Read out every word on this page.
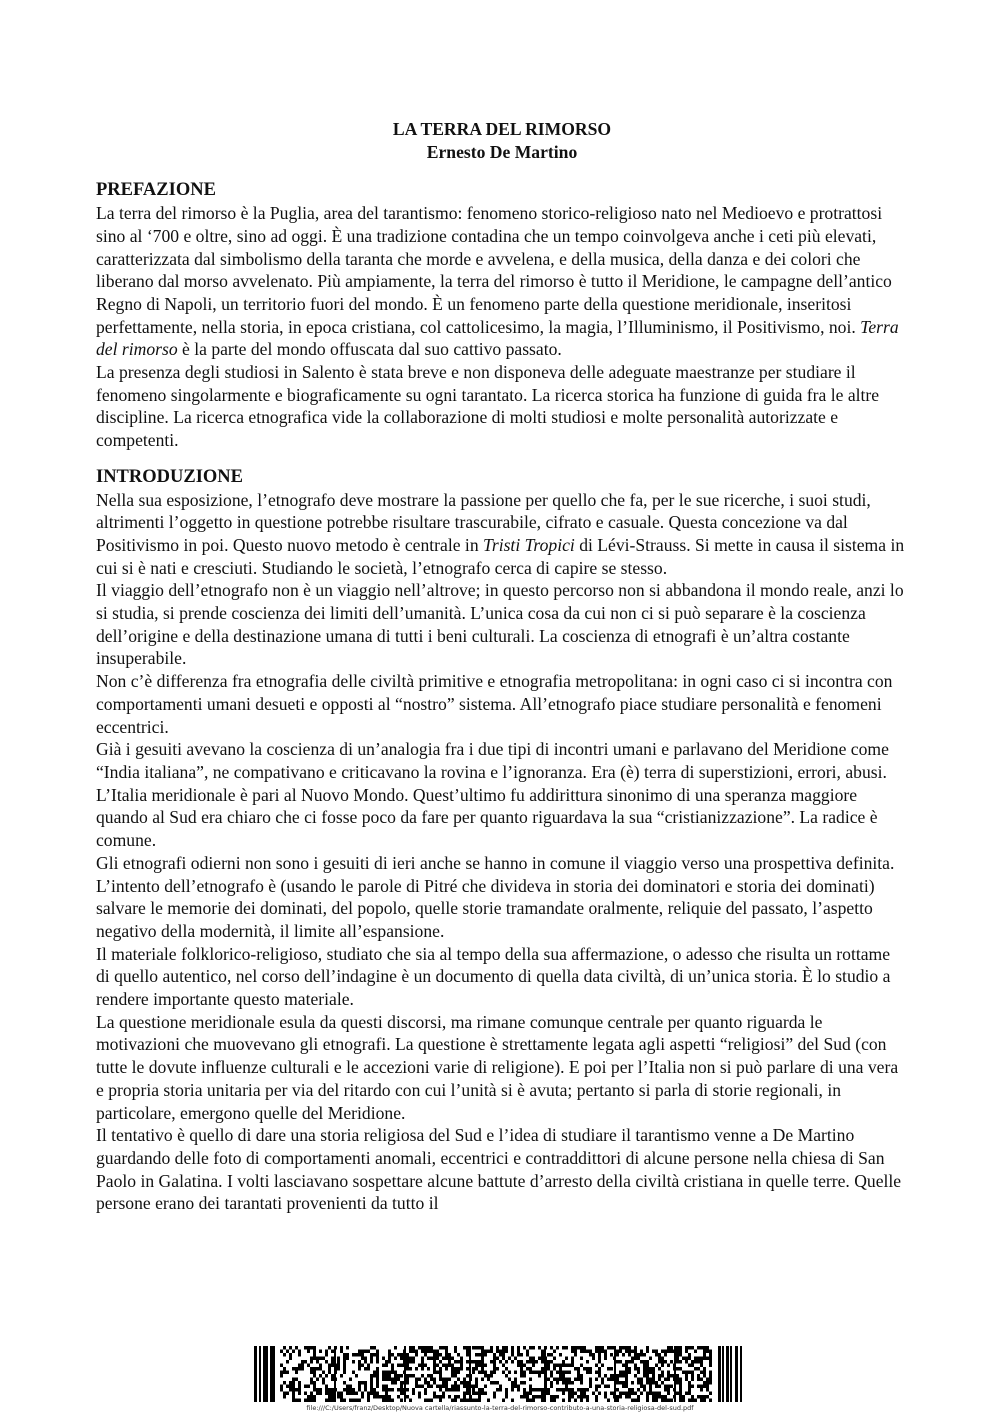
LA TERRA DEL RIMORSO

Ernesto De Martino

PREFAZIONE

La terra del rimorso è la Puglia, area del tarantismo: fenomeno storico-religioso nato nel Medioevo e protrattosi sino al ‘700 e oltre, sino ad oggi. È una tradizione contadina che un tempo coinvolgeva anche i ceti più elevati, caratterizzata dal simbolismo della taranta che morde e avvelena, e della musica, della danza e dei colori che liberano dal morso avvelenato. Più ampiamente, la terra del rimorso è tutto il Meridione, le campagne dell’antico Regno di Napoli, un territorio fuori del mondo. È un fenomeno parte della questione meridionale, inseritosi perfettamente, nella storia, in epoca cristiana, col cattolicesimo, la magia, l’Illuminismo, il Positivismo, noi. Terra del rimorso è la parte del mondo offuscata dal suo cattivo passato.

La presenza degli studiosi in Salento è stata breve e non disponeva delle adeguate maestranze per studiare il fenomeno singolarmente e biograficamente su ogni tarantato. La ricerca storica ha funzione di guida fra le altre discipline. La ricerca etnografica vide la collaborazione di molti studiosi e molte personalità autorizzate e competenti.

INTRODUZIONE

Nella sua esposizione, l’etnografo deve mostrare la passione per quello che fa, per le sue ricerche, i suoi studi, altrimenti l’oggetto in questione potrebbe risultare trascurabile, cifrato e casuale. Questa concezione va dal Positivismo in poi. Questo nuovo metodo è centrale in Tristi Tropici di Lévi-Strauss. Si mette in causa il sistema in cui si è nati e cresciuti. Studiando le società, l’etnografo cerca di capire se stesso.

Il viaggio dell’etnografo non è un viaggio nell’altrove; in questo percorso non si abbandona il mondo reale, anzi lo si studia, si prende coscienza dei limiti dell’umanità. L’unica cosa da cui non ci si può separare è la coscienza dell’origine e della destinazione umana di tutti i beni culturali. La coscienza di etnografi è un’altra costante insuperabile.

Non c’è differenza fra etnografia delle civiltà primitive e etnografia metropolitana: in ogni caso ci si incontra con comportamenti umani desueti e opposti al “nostro” sistema. All’etnografo piace studiare personalità e fenomeni eccentrici.

Già i gesuiti avevano la coscienza di un’analogia fra i due tipi di incontri umani e parlavano del Meridione come “India italiana”, ne compativano e criticavano la rovina e l’ignoranza. Era (è) terra di superstizioni, errori, abusi. L’Italia meridionale è pari al Nuovo Mondo. Quest’ultimo fu addirittura sinonimo di una speranza maggiore quando al Sud era chiaro che ci fosse poco da fare per quanto riguardava la sua “cristianizzazione”. La radice è comune.

Gli etnografi odierni non sono i gesuiti di ieri anche se hanno in comune il viaggio verso una prospettiva definita.

L’intento dell’etnografo è (usando le parole di Pitré che divideva in storia dei dominatori e storia dei dominati) salvare le memorie dei dominati, del popolo, quelle storie tramandate oralmente, reliquie del passato, l’aspetto negativo della modernità, il limite all’espansione.

Il materiale folklorico-religioso, studiato che sia al tempo della sua affermazione, o adesso che risulta un rottame di quello autentico, nel corso dell’indagine è un documento di quella data civiltà, di un’unica storia. È lo studio a rendere importante questo materiale.

La questione meridionale esula da questi discorsi, ma rimane comunque centrale per quanto riguarda le motivazioni che muovevano gli etnografi. La questione è strettamente legata agli aspetti “religiosi” del Sud (con tutte le dovute influenze culturali e le accezioni varie di religione). E poi per l’Italia non si può parlare di una vera e propria storia unitaria per via del ritardo con cui l’unità si è avuta; pertanto si parla di storie regionali, in particolare, emergono quelle del Meridione.

Il tentativo è quello di dare una storia religiosa del Sud e l’idea di studiare il tarantismo venne a De Martino guardando delle foto di comportamenti anomali, eccentrici e contraddittori di alcune persone nella chiesa di San Paolo in Galatina. I volti lasciavano sospettare alcune battute d’arresto della civiltà cristiana in quelle terre. Quelle persone erano dei tarantati provenienti da tutto il

file:///C:/Users/franz/Desktop/Nuova cartella/riassunto-la-terra-del-rimorso-contributo-a-una-storia-religiosa-del-sud.pdf
